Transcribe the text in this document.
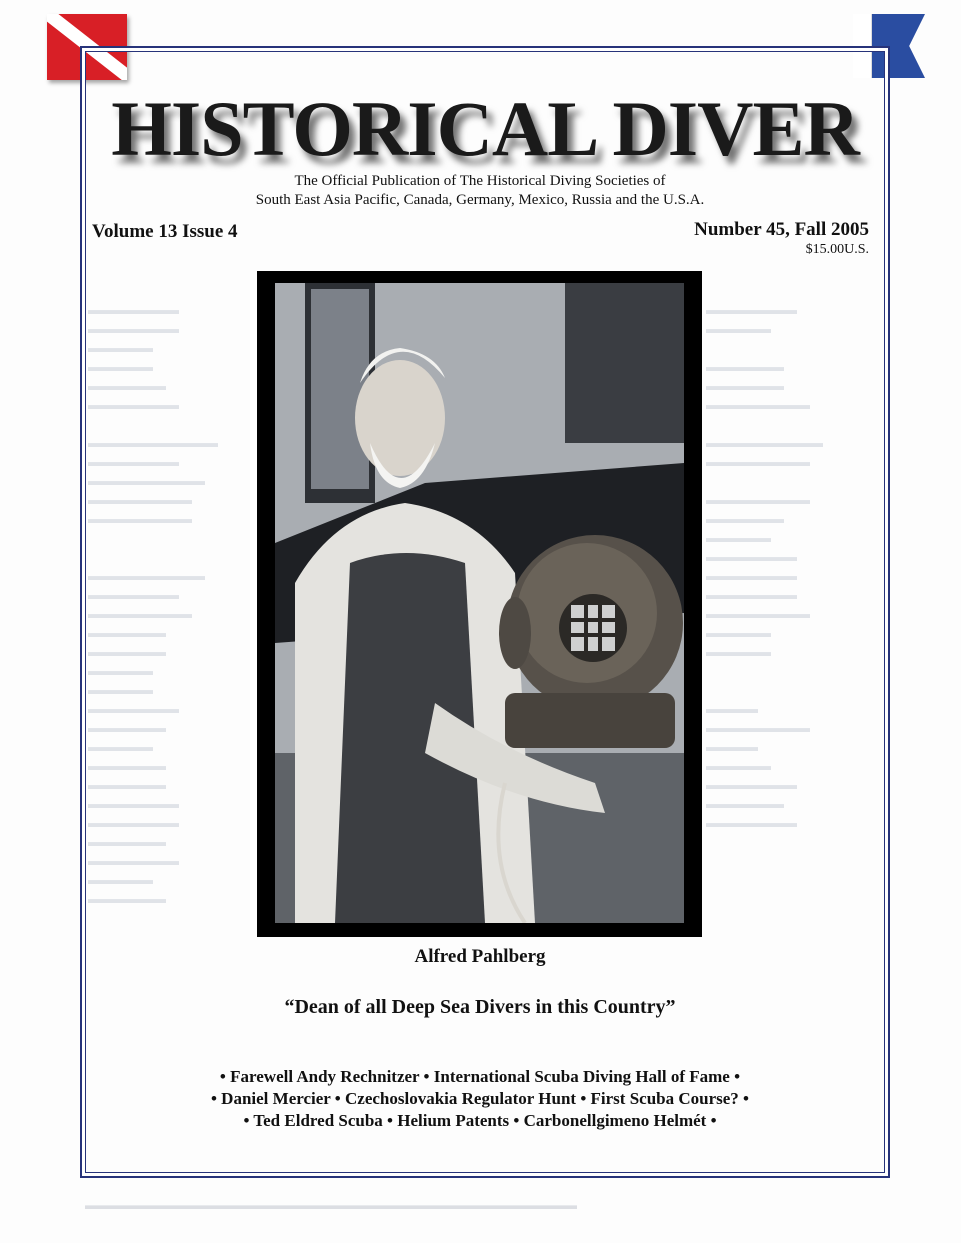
▬▬▬▬▬▬▬
▬▬▬▬▬▬▬
▬▬▬▬▬
▬▬▬▬▬
▬▬▬▬▬▬
▬▬▬▬▬▬▬

▬▬▬▬▬▬▬▬▬▬
▬▬▬▬▬▬▬
▬▬▬▬▬▬▬▬▬
▬▬▬▬▬▬▬▬
▬▬▬▬▬▬▬▬

▬▬▬▬▬▬▬▬▬
▬▬▬▬▬▬▬
▬▬▬▬▬▬▬▬
▬▬▬▬▬▬
▬▬▬▬▬▬
▬▬▬▬▬
▬▬▬▬▬
▬▬▬▬▬▬▬
▬▬▬▬▬▬
▬▬▬▬▬
▬▬▬▬▬▬
▬▬▬▬▬▬
▬▬▬▬▬▬▬
▬▬▬▬▬▬▬
▬▬▬▬▬▬
▬▬▬▬▬▬▬
▬▬▬▬▬
▬▬▬▬▬▬
▬▬▬▬▬▬▬
▬▬▬▬▬

▬▬▬▬▬▬
▬▬▬▬▬▬
▬▬▬▬▬▬▬▬

▬▬▬▬▬▬▬▬▬
▬▬▬▬▬▬▬▬

▬▬▬▬▬▬▬▬
▬▬▬▬▬▬
▬▬▬▬▬
▬▬▬▬▬▬▬
▬▬▬▬▬▬▬
▬▬▬▬▬▬▬
▬▬▬▬▬▬▬▬
▬▬▬▬▬
▬▬▬▬▬

▬▬▬▬
▬▬▬▬▬▬▬▬
▬▬▬▬
▬▬▬▬▬
▬▬▬▬▬▬▬
▬▬▬▬▬▬
▬▬▬▬▬▬▬
HISTORICAL DIVER
The Official Publication of The Historical Diving Societies of
South East Asia Pacific, Canada, Germany, Mexico, Russia and the U.S.A.
Volume 13 Issue 4	Number 45, Fall 2005
$15.00U.S.
Alfred Pahlberg
“Dean of all Deep Sea Divers in this Country”
• Farewell Andy Rechnitzer • International Scuba Diving Hall of Fame •
• Daniel Mercier • Czechoslovakia Regulator Hunt • First Scuba Course? •
• Ted Eldred Scuba • Helium Patents • Carbonellgimeno Helmét •
▬▬▬▬▬▬▬▬▬▬▬▬▬▬▬▬▬▬▬▬▬▬▬▬▬▬▬▬▬▬▬▬▬▬▬▬▬▬▬▬▬
